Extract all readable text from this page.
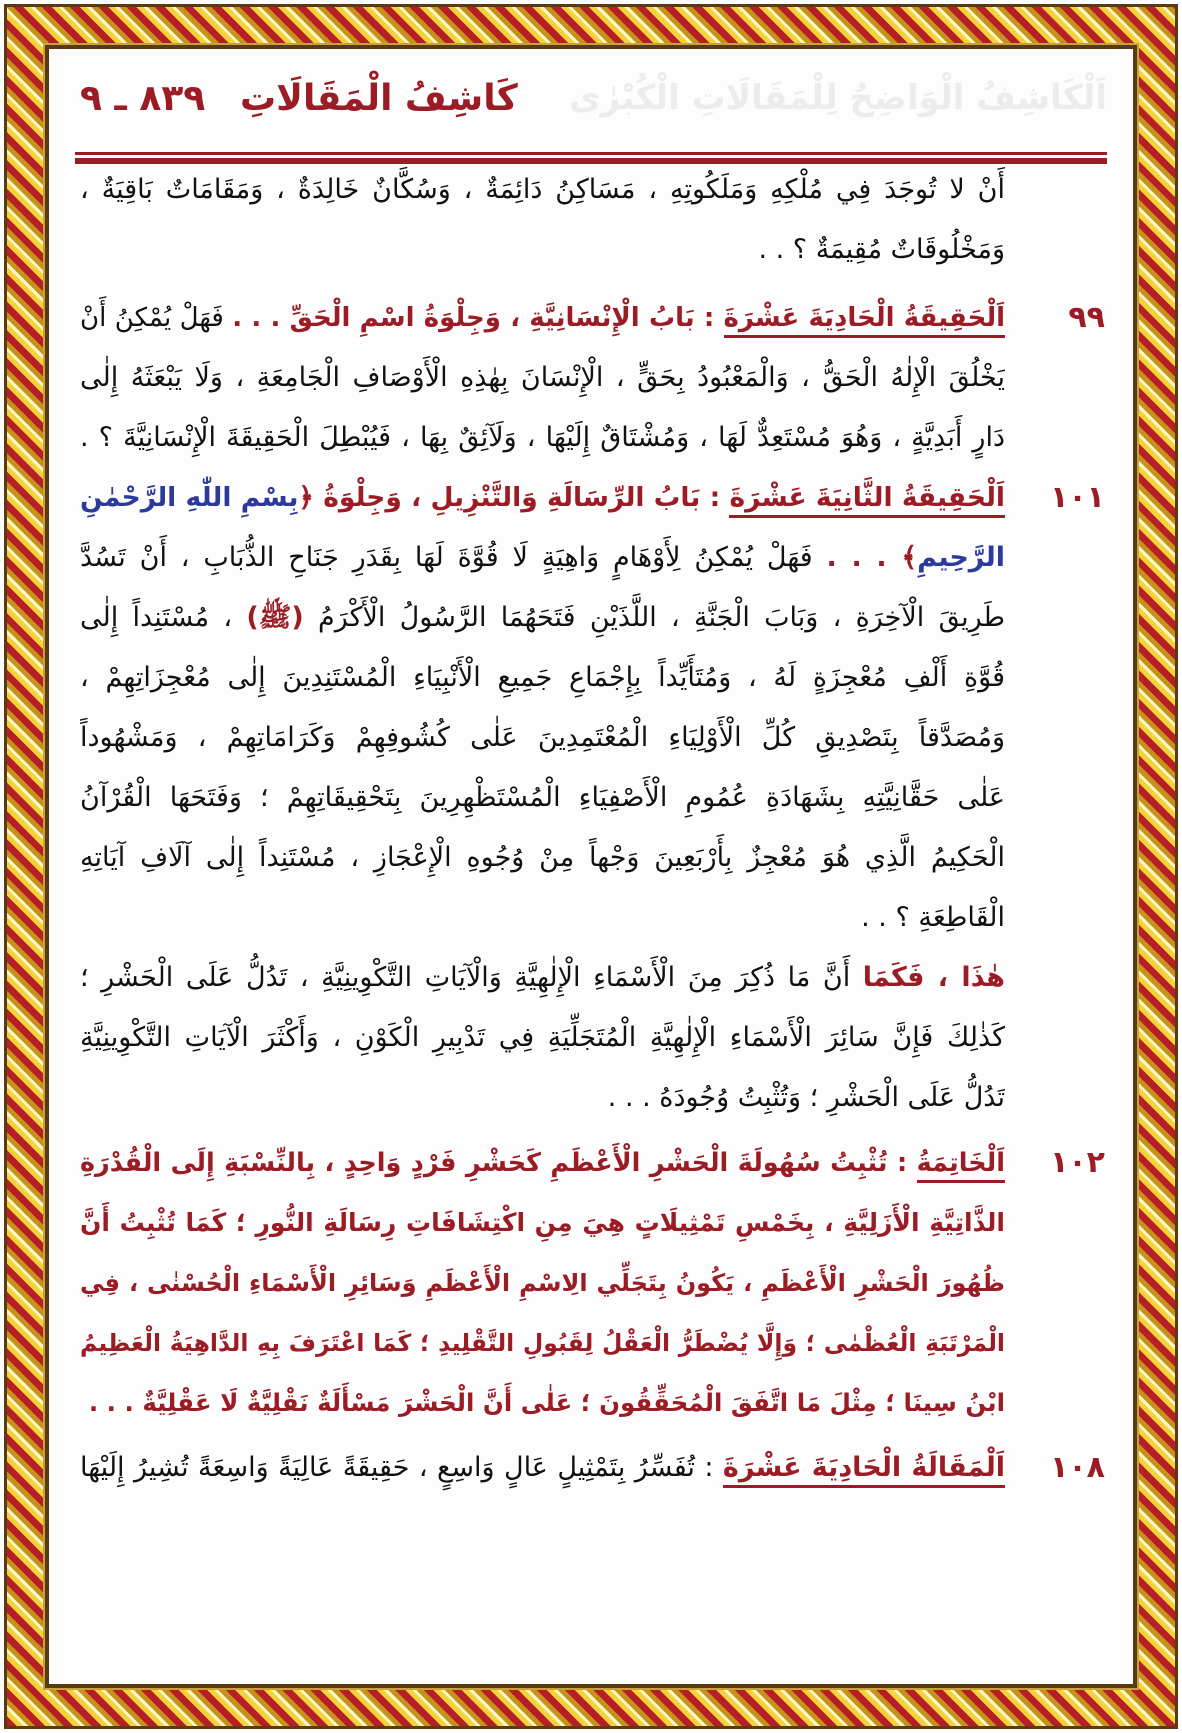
اَلْكَاشِفُ الْوَاضِحُ لِلْمَقَالَاتِ الْكُبْرٰى
كَاشِفُ الْمَقَالَاتِ
٨٣٩ ـ ٩
أَنْ لا تُوجَدَ فِي مُلْكِهِ وَمَلَكُوتِهِ ، مَسَاكِنُ دَائِمَةٌ ، وَسُكَّانٌ خَالِدَةٌ ، وَمَقَامَاتٌ بَاقِيَةٌ ،
وَمَخْلُوقَاتٌ مُقِيمَةٌ ؟ . .
٩٩
اَلْحَقِيقَةُ الْحَادِيَةَ عَشْرَةَ : بَابُ الْإِنْسَانِيَّةِ ، وَجِلْوَةُ اسْمِ الْحَقِّ . . . فَهَلْ يُمْكِنُ أَنْ
يَخْلُقَ الْإِلٰهُ الْحَقُّ ، وَالْمَعْبُودُ بِحَقٍّ ، الْإِنْسَانَ بِهٰذِهِ الْأَوْصَافِ الْجَامِعَةِ ، وَلَا يَبْعَثَهُ إِلٰى
دَارٍ أَبَدِيَّةٍ ، وَهُوَ مُسْتَعِدٌّ لَهَا ، وَمُشْتَاقٌ إِلَيْهَا ، وَلَآئِقٌ بِهَا ، فَيُبْطِلَ الْحَقِيقَةَ الْإِنْسَانِيَّةَ ؟ .
١٠١
اَلْحَقِيقَةُ الثَّانِيَةَ عَشْرَةَ : بَابُ الرِّسَالَةِ وَالتَّنْزِيلِ ، وَجِلْوَةُ ﴿بِسْمِ اللّٰهِ الرَّحْمٰنِ
الرَّحِيمِ﴾ . . . فَهَلْ يُمْكِنُ لِأَوْهَامٍ وَاهِيَةٍ لَا قُوَّةَ لَهَا بِقَدَرِ جَنَاحِ الذُّبَابِ ، أَنْ تَسُدَّ
طَرِيقَ الْآخِرَةِ ، وَبَابَ الْجَنَّةِ ، اللَّذَيْنِ فَتَحَهُمَا الرَّسُولُ الْأَكْرَمُ (ﷺ) ، مُسْتَنِداً إِلٰى
قُوَّةِ أَلْفِ مُعْجِزَةٍ لَهُ ، وَمُتَأَيِّداً بِإِجْمَاعِ جَمِيعِ الْأَنْبِيَاءِ الْمُسْتَنِدِينَ إِلٰى مُعْجِزَاتِهِمْ ،
وَمُصَدَّقاً بِتَصْدِيقِ كُلِّ الْأَوْلِيَاءِ الْمُعْتَمِدِينَ عَلٰى كُشُوفِهِمْ وَكَرَامَاتِهِمْ ، وَمَشْهُوداً
عَلٰى حَقَّانِيَّتِهِ بِشَهَادَةِ عُمُومِ الْأَصْفِيَاءِ الْمُسْتَظْهِرِينَ بِتَحْقِيقَاتِهِمْ ؛ وَفَتَحَهَا الْقُرْآنُ
الْحَكِيمُ الَّذِي هُوَ مُعْجِزٌ بِأَرْبَعِينَ وَجْهاً مِنْ وُجُوهِ الْإِعْجَازِ ، مُسْتَنِداً إِلٰى آلَافِ آيَاتِهِ
الْقَاطِعَةِ ؟ . .
هٰذَا ، فَكَمَا أَنَّ مَا ذُكِرَ مِنَ الْأَسْمَاءِ الْإِلٰهِيَّةِ وَالْآيَاتِ التَّكْوِينِيَّةِ ، تَدُلُّ عَلَى الْحَشْرِ ؛
كَذٰلِكَ فَإِنَّ سَائِرَ الْأَسْمَاءِ الْإِلٰهِيَّةِ الْمُتَجَلِّيَةِ فِي تَدْبِيرِ الْكَوْنِ ، وَأَكْثَرَ الْآيَاتِ التَّكْوِينِيَّةِ
تَدُلُّ عَلَى الْحَشْرِ ؛ وَتُثْبِتُ وُجُودَهُ . . .
١٠٢
اَلْخَاتِمَةُ : تُثْبِتُ سُهُولَةَ الْحَشْرِ الْأَعْظَمِ كَحَشْرِ فَرْدٍ وَاحِدٍ ، بِالنِّسْبَةِ إِلَى الْقُدْرَةِ
الذَّاتِيَّةِ الْأَزَلِيَّةِ ، بِخَمْسِ تَمْثِيلَاتٍ هِيَ مِنِ اكْتِشَافَاتِ رِسَالَةِ النُّورِ ؛ كَمَا تُثْبِتُ أَنَّ
ظُهُورَ الْحَشْرِ الْأَعْظَمِ ، يَكُونُ بِتَجَلِّي الِاسْمِ الْأَعْظَمِ وَسَائِرِ الْأَسْمَاءِ الْحُسْنٰى ، فِي
الْمَرْتَبَةِ الْعُظْمٰى ؛ وَإِلَّا يُضْطَرُّ الْعَقْلُ لِقَبُولِ التَّقْلِيدِ ؛ كَمَا اعْتَرَفَ بِهِ الدَّاهِيَةُ الْعَظِيمُ
ابْنُ سِينَا ؛ مِثْلَ مَا اتَّفَقَ الْمُحَقِّقُونَ ؛ عَلٰى أَنَّ الْحَشْرَ مَسْأَلَةٌ نَقْلِيَّةٌ لَا عَقْلِيَّةٌ . . .
١٠٨
اَلْمَقَالَةُ الْحَادِيَةَ عَشْرَةَ : تُفَسِّرُ بِتَمْثِيلٍ عَالٍ وَاسِعٍ ، حَقِيقَةً عَالِيَةً وَاسِعَةً تُشِيرُ إِلَيْهَا
